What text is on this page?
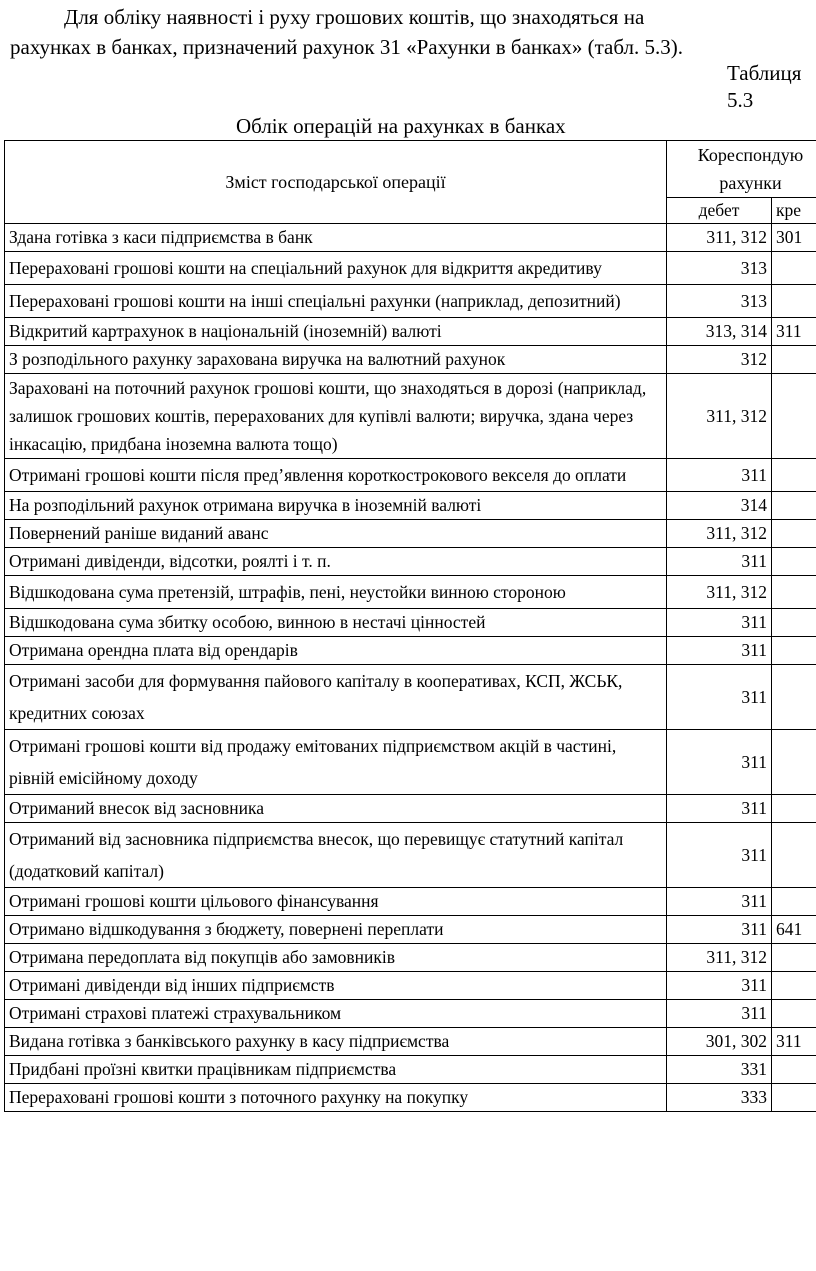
Для обліку наявності і руху грошових коштів, що знаходяться на
рахунках в банках, призначений рахунок 31 «Рахунки в банках» (табл. 5.3).
Таблиця
5.3
Облік операцій на рахунках в банках
Зміст господарської операції	Кореспондую
рахунки	

	дебет	кре
Здана готівка з каси підприємства в банк	311, 312	301
Перераховані грошові кошти на спеціальний рахунок для відкриття акредитиву	313	
Перераховані грошові кошти на інші спеціальні рахунки (наприклад, депозитний)	313	
Відкритий картрахунок в національній (іноземній) валюті	313, 314	311
З розподільного рахунку зарахована виручка на валютний рахунок	312	
Зараховані на поточний рахунок грошові кошти, що знаходяться в дорозі (наприклад, залишок грошових коштів, перерахованих для купівлі валюти; виручка, здана через інкасацію, придбана іноземна валюта тощо)	311, 312	
Отримані грошові кошти після пред’явлення короткострокового векселя до оплати	311	
На розподільний рахунок отримана виручка в іноземній валюті	314	
Повернений раніше виданий аванс	311, 312	
Отримані дивіденди, відсотки, роялті і т. п.	311	
Відшкодована сума претензій, штрафів, пені, неустойки винною стороною	311, 312	
Відшкодована сума збитку особою, винною в нестачі цінностей	311	
Отримана орендна плата від орендарів	311	
Отримані засоби для формування пайового капіталу в кооперативах, КСП, ЖСЬК, кредитних союзах	311	
Отримані грошові кошти від продажу емітованих підприємством акцій в частині, рівній емісійному доходу	311	
Отриманий внесок від засновника	311	
Отриманий від засновника підприємства внесок, що перевищує статутний капітал (додатковий капітал)	311	
Отримані грошові кошти цільового фінансування	311	
Отримано відшкодування з бюджету, повернені переплати	311	641
Отримана передоплата від покупців або замовників	311, 312	
Отримані дивіденди від інших підприємств	311	
Отримані страхові платежі страхувальником	311	
Видана готівка з банківського рахунку в касу підприємства	301, 302	311
Придбані проїзні квитки працівникам підприємства	331	
Перераховані грошові кошти з поточного рахунку на покупку	333	
